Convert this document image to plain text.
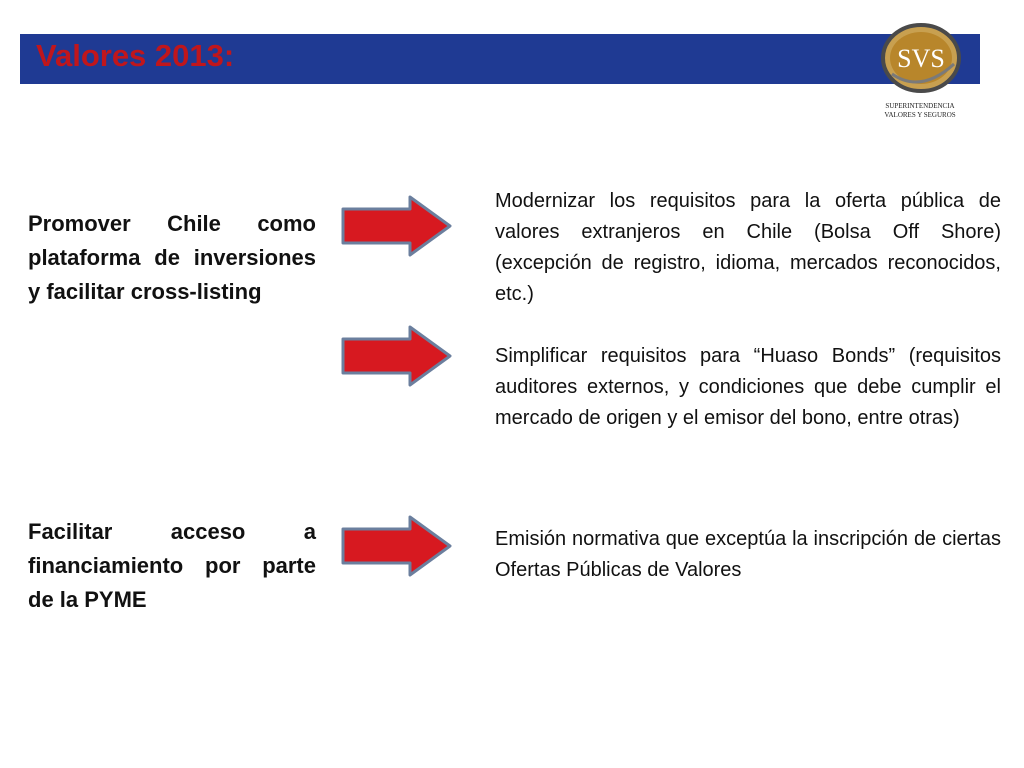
Valores 2013:	SVS
SUPERINTENDENCIA
VALORES Y SEGUROS
Promover Chile como plataforma de inversiones y facilitar cross-listing
Facilitar acceso a financiamiento por parte de la PYME
Modernizar los requisitos para la oferta pública de valores extranjeros en Chile (Bolsa Off Shore) (excepción de registro, idioma, mercados reconocidos, etc.)
Simplificar requisitos para “Huaso Bonds” (requisitos auditores externos, y condiciones que debe cumplir el mercado de origen y el emisor del bono, entre otras)
Emisión normativa que exceptúa la inscripción de ciertas Ofertas Públicas de Valores
